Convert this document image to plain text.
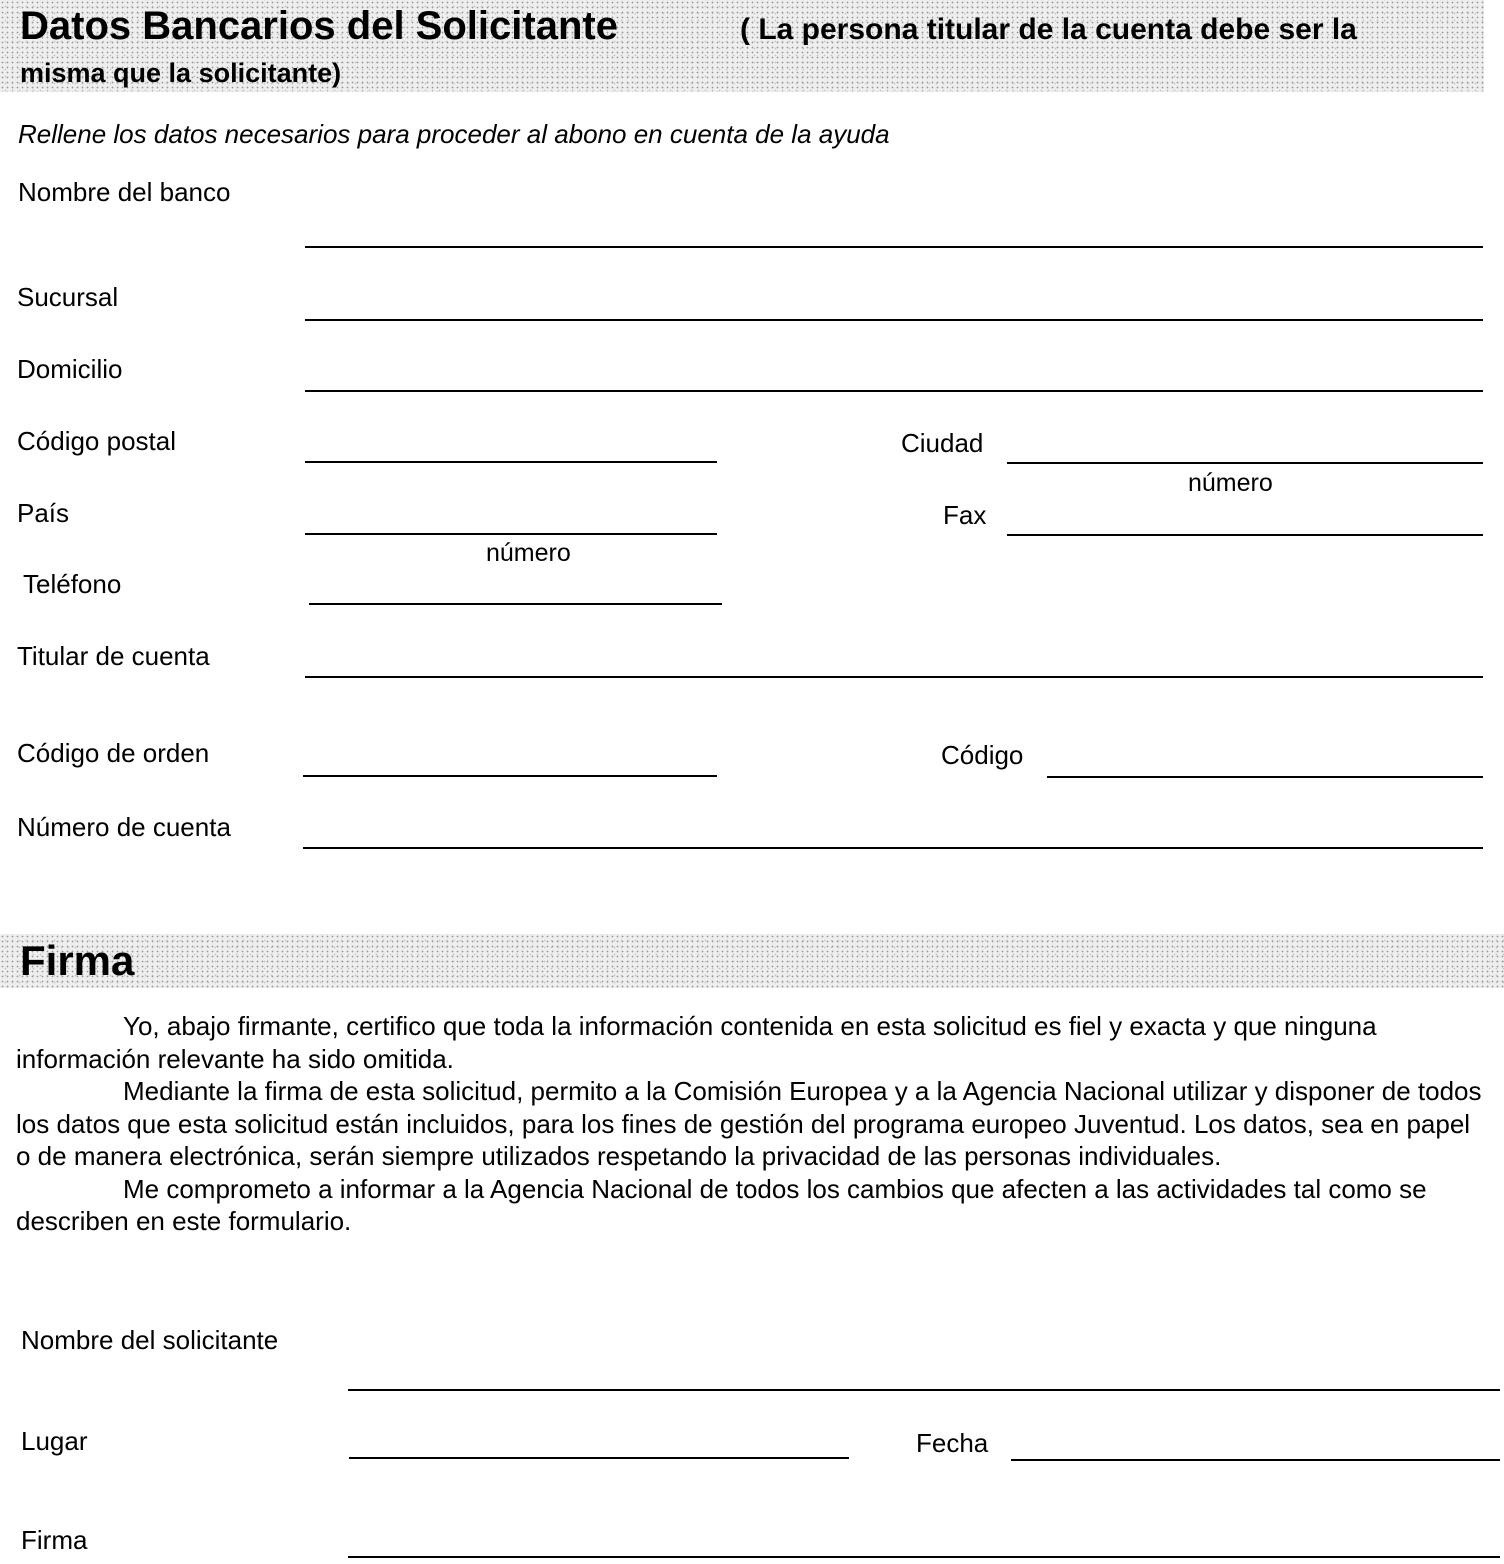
Datos Bancarios del Solicitante	( La persona titular de la cuenta debe ser la
misma que la solicitante)
Rellene los datos necesarios para proceder al abono en cuenta de la ayuda
Nombre del banco
Sucursal
Domicilio
Código postal	Ciudad
número
País	Fax
número
Teléfono
Titular de cuenta
Código de orden	Código
Número de cuenta
Firma

Yo, abajo firmante, certifico que toda la información contenida en esta solicitud es fiel y exacta y que ninguna información relevante ha sido omitida.

Mediante la firma de esta solicitud, permito a la Comisión Europea y a la Agencia Nacional utilizar y disponer de todos los datos que esta solicitud están incluidos, para los fines de gestión del programa europeo Juventud. Los datos, sea en papel o de manera electrónica, serán siempre utilizados respetando la privacidad de las personas individuales.

Me comprometo a informar a la Agencia Nacional de todos los cambios que afecten a las actividades tal como se describen en este formulario.

Nombre del solicitante
Lugar	Fecha
Firma
